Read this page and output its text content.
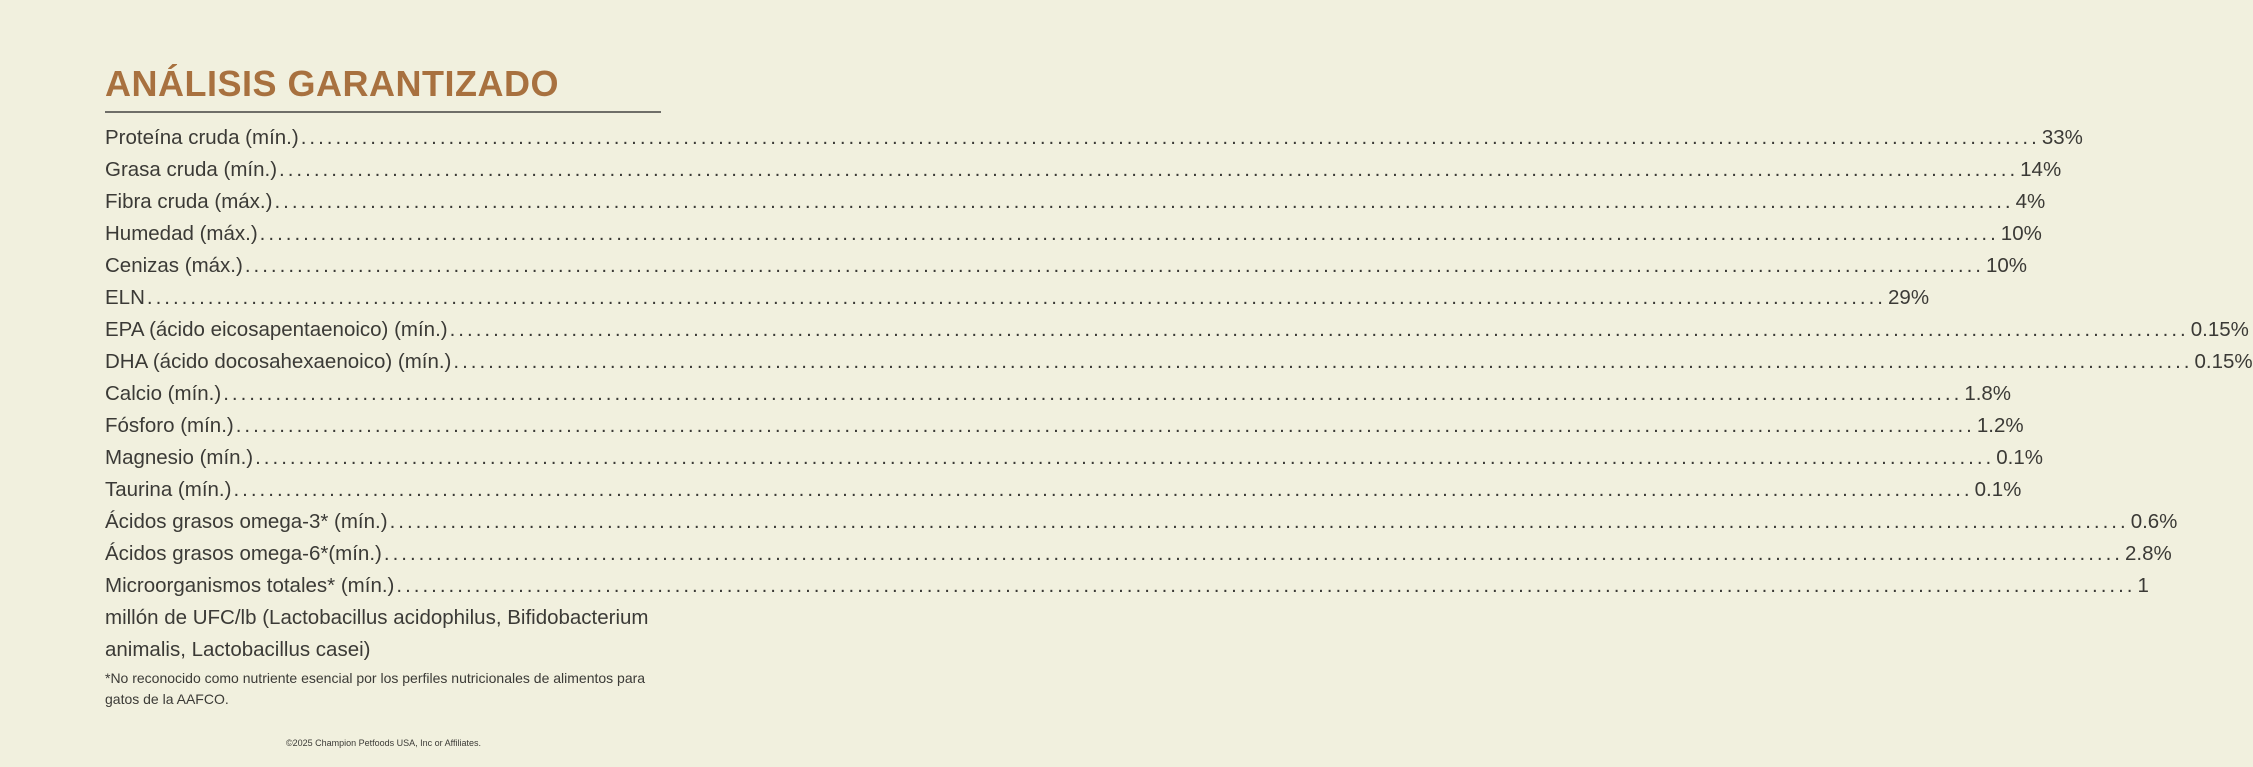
ANÁLISIS GARANTIZADO
Proteína cruda (mín.) ........................................................................................................................................................................................................ 33%
Grasa cruda (mín.) ........................................................................................................................................................................................................ 14%
Fibra cruda (máx.) ........................................................................................................................................................................................................ 4%
Humedad (máx.) ........................................................................................................................................................................................................ 10%
Cenizas (máx.) ........................................................................................................................................................................................................ 10%
ELN ........................................................................................................................................................................................................ 29%
EPA (ácido eicosapentaenoico) (mín.) ........................................................................................................................................................................................................ 0.15%
DHA (ácido docosahexaenoico) (mín.) ........................................................................................................................................................................................................ 0.15%
Calcio (mín.) ........................................................................................................................................................................................................ 1.8%
Fósforo (mín.) ........................................................................................................................................................................................................ 1.2%
Magnesio (mín.) ........................................................................................................................................................................................................ 0.1%
Taurina (mín.) ........................................................................................................................................................................................................ 0.1%
Ácidos grasos omega-3* (mín.) ........................................................................................................................................................................................................ 0.6%
Ácidos grasos omega-6*(mín.) ........................................................................................................................................................................................................ 2.8%
Microorganismos totales* (mín.) ........................................................................................................................................................................................................ 1
millón de UFC/lb (Lactobacillus acidophilus, Bifidobacterium animalis, Lactobacillus casei)

*No reconocido como nutriente esencial por los perfiles nutricionales de alimentos para gatos de la AAFCO.

©2025 Champion Petfoods USA, Inc or Affiliates.
